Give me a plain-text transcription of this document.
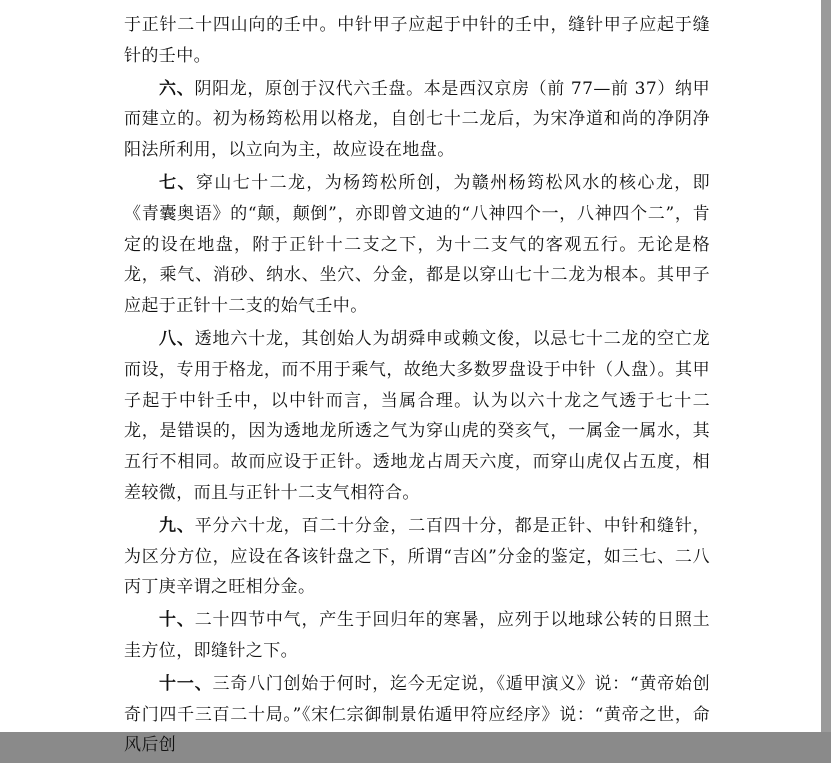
于正针二十四山向的壬中。中针甲子应起于中针的壬中，缝针甲子应起于缝针的壬中。

六、阴阳龙，原创于汉代六壬盘。本是西汉京房（前 77—前 37）纳甲而建立的。初为杨筠松用以格龙，自创七十二龙后，为宋净道和尚的净阴净阳法所利用，以立向为主，故应设在地盘。

七、穿山七十二龙，为杨筠松所创，为赣州杨筠松风水的核心龙，即《青囊奥语》的“颠，颠倒”，亦即曾文迪的“八神四个一，八神四个二”，肯定的设在地盘，附于正针十二支之下，为十二支气的客观五行。无论是格龙，乘气、消砂、纳水、坐穴、分金，都是以穿山七十二龙为根本。其甲子应起于正针十二支的始气壬中。

八、透地六十龙，其创始人为胡舜申或赖文俊，以忌七十二龙的空亡龙而设，专用于格龙，而不用于乘气，故绝大多数罗盘设于中针（人盘）。其甲子起于中针壬中，以中针而言，当属合理。认为以六十龙之气透于七十二龙，是错误的，因为透地龙所透之气为穿山虎的癸亥气，一属金一属水，其五行不相同。故而应设于正针。透地龙占周天六度，而穿山虎仅占五度，相差较微，而且与正针十二支气相符合。

九、平分六十龙，百二十分金，二百四十分，都是正针、中针和缝针，为区分方位，应设在各该针盘之下，所谓“吉凶”分金的鉴定，如三七、二八丙丁庚辛谓之旺相分金。

十、二十四节中气，产生于回归年的寒暑，应列于以地球公转的日照土圭方位，即缝针之下。

十一、三奇八门创始于何时，迄今无定说，《遁甲演义》说：“黄帝始创奇门四千三百二十局。”《宋仁宗御制景佑遁甲符应经序》说：“黄帝之世，命风后创
